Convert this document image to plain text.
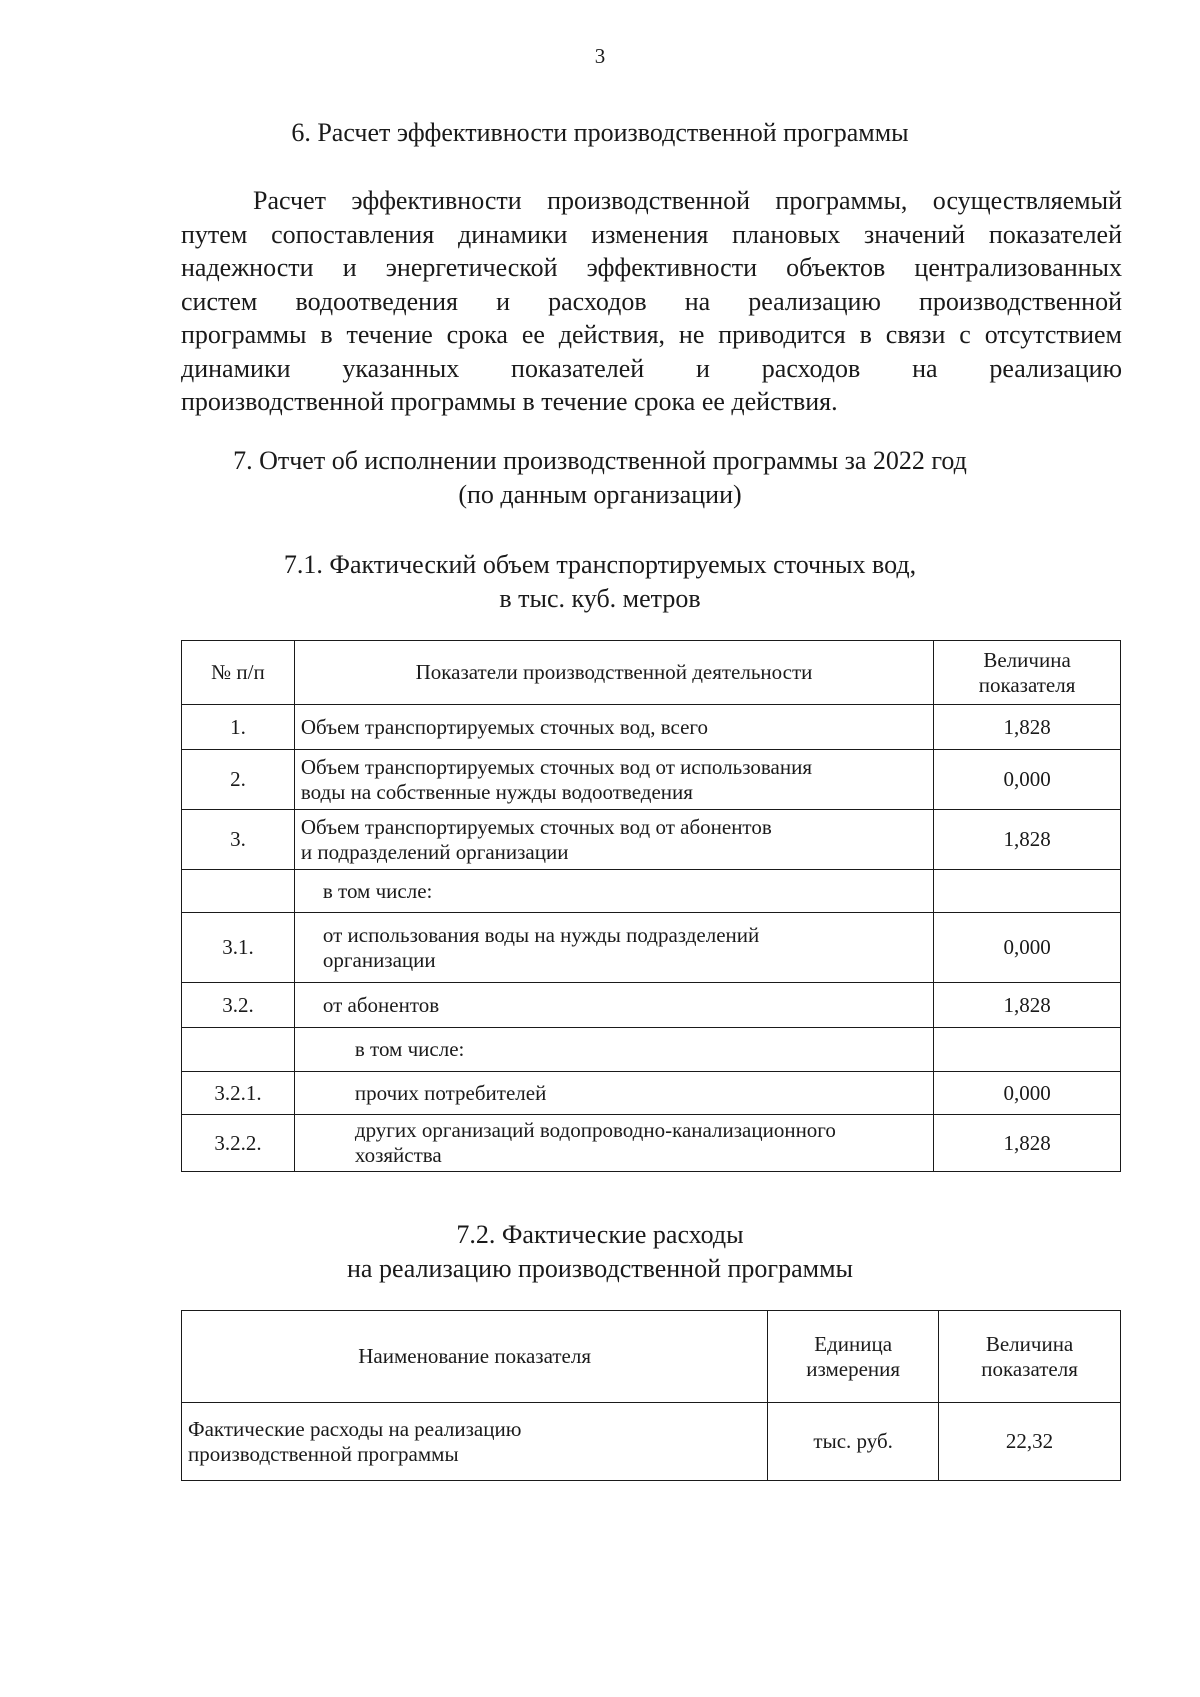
3
6. Расчет эффективности производственной программы
Расчет эффективности производственной программы, осуществляемый
путем сопоставления динамики изменения плановых значений показателей
надежности и энергетической эффективности объектов централизованных
систем водоотведения и расходов на реализацию производственной
программы в течение срока ее действия, не приводится в связи с отсутствием
динамики указанных показателей и расходов на реализацию
производственной программы в течение срока ее действия.
7. Отчет об исполнении производственной программы за 2022 год
(по данным организации)
7.1. Фактический объем транспортируемых сточных вод,
в тыс. куб. метров
№ п/п	Показатели производственной деятельности	Величина
показателя
1.	Объем транспортируемых сточных вод, всего	1,828
2.	Объем транспортируемых сточных вод от использования
воды на собственные нужды водоотведения	0,000
3.	Объем транспортируемых сточных вод от абонентов
и подразделений организации	1,828
	в том числе:	
3.1.	от использования воды на нужды подразделений
организации	0,000
3.2.	от абонентов	1,828
	в том числе:	
3.2.1.	прочих потребителей	0,000
3.2.2.	других организаций водопроводно-канализационного
хозяйства	1,828
7.2. Фактические расходы
на реализацию производственной программы
Наименование показателя	Единица
измерения	Величина
показателя
Фактические расходы на реализацию
производственной программы	тыс. руб.	22,32
